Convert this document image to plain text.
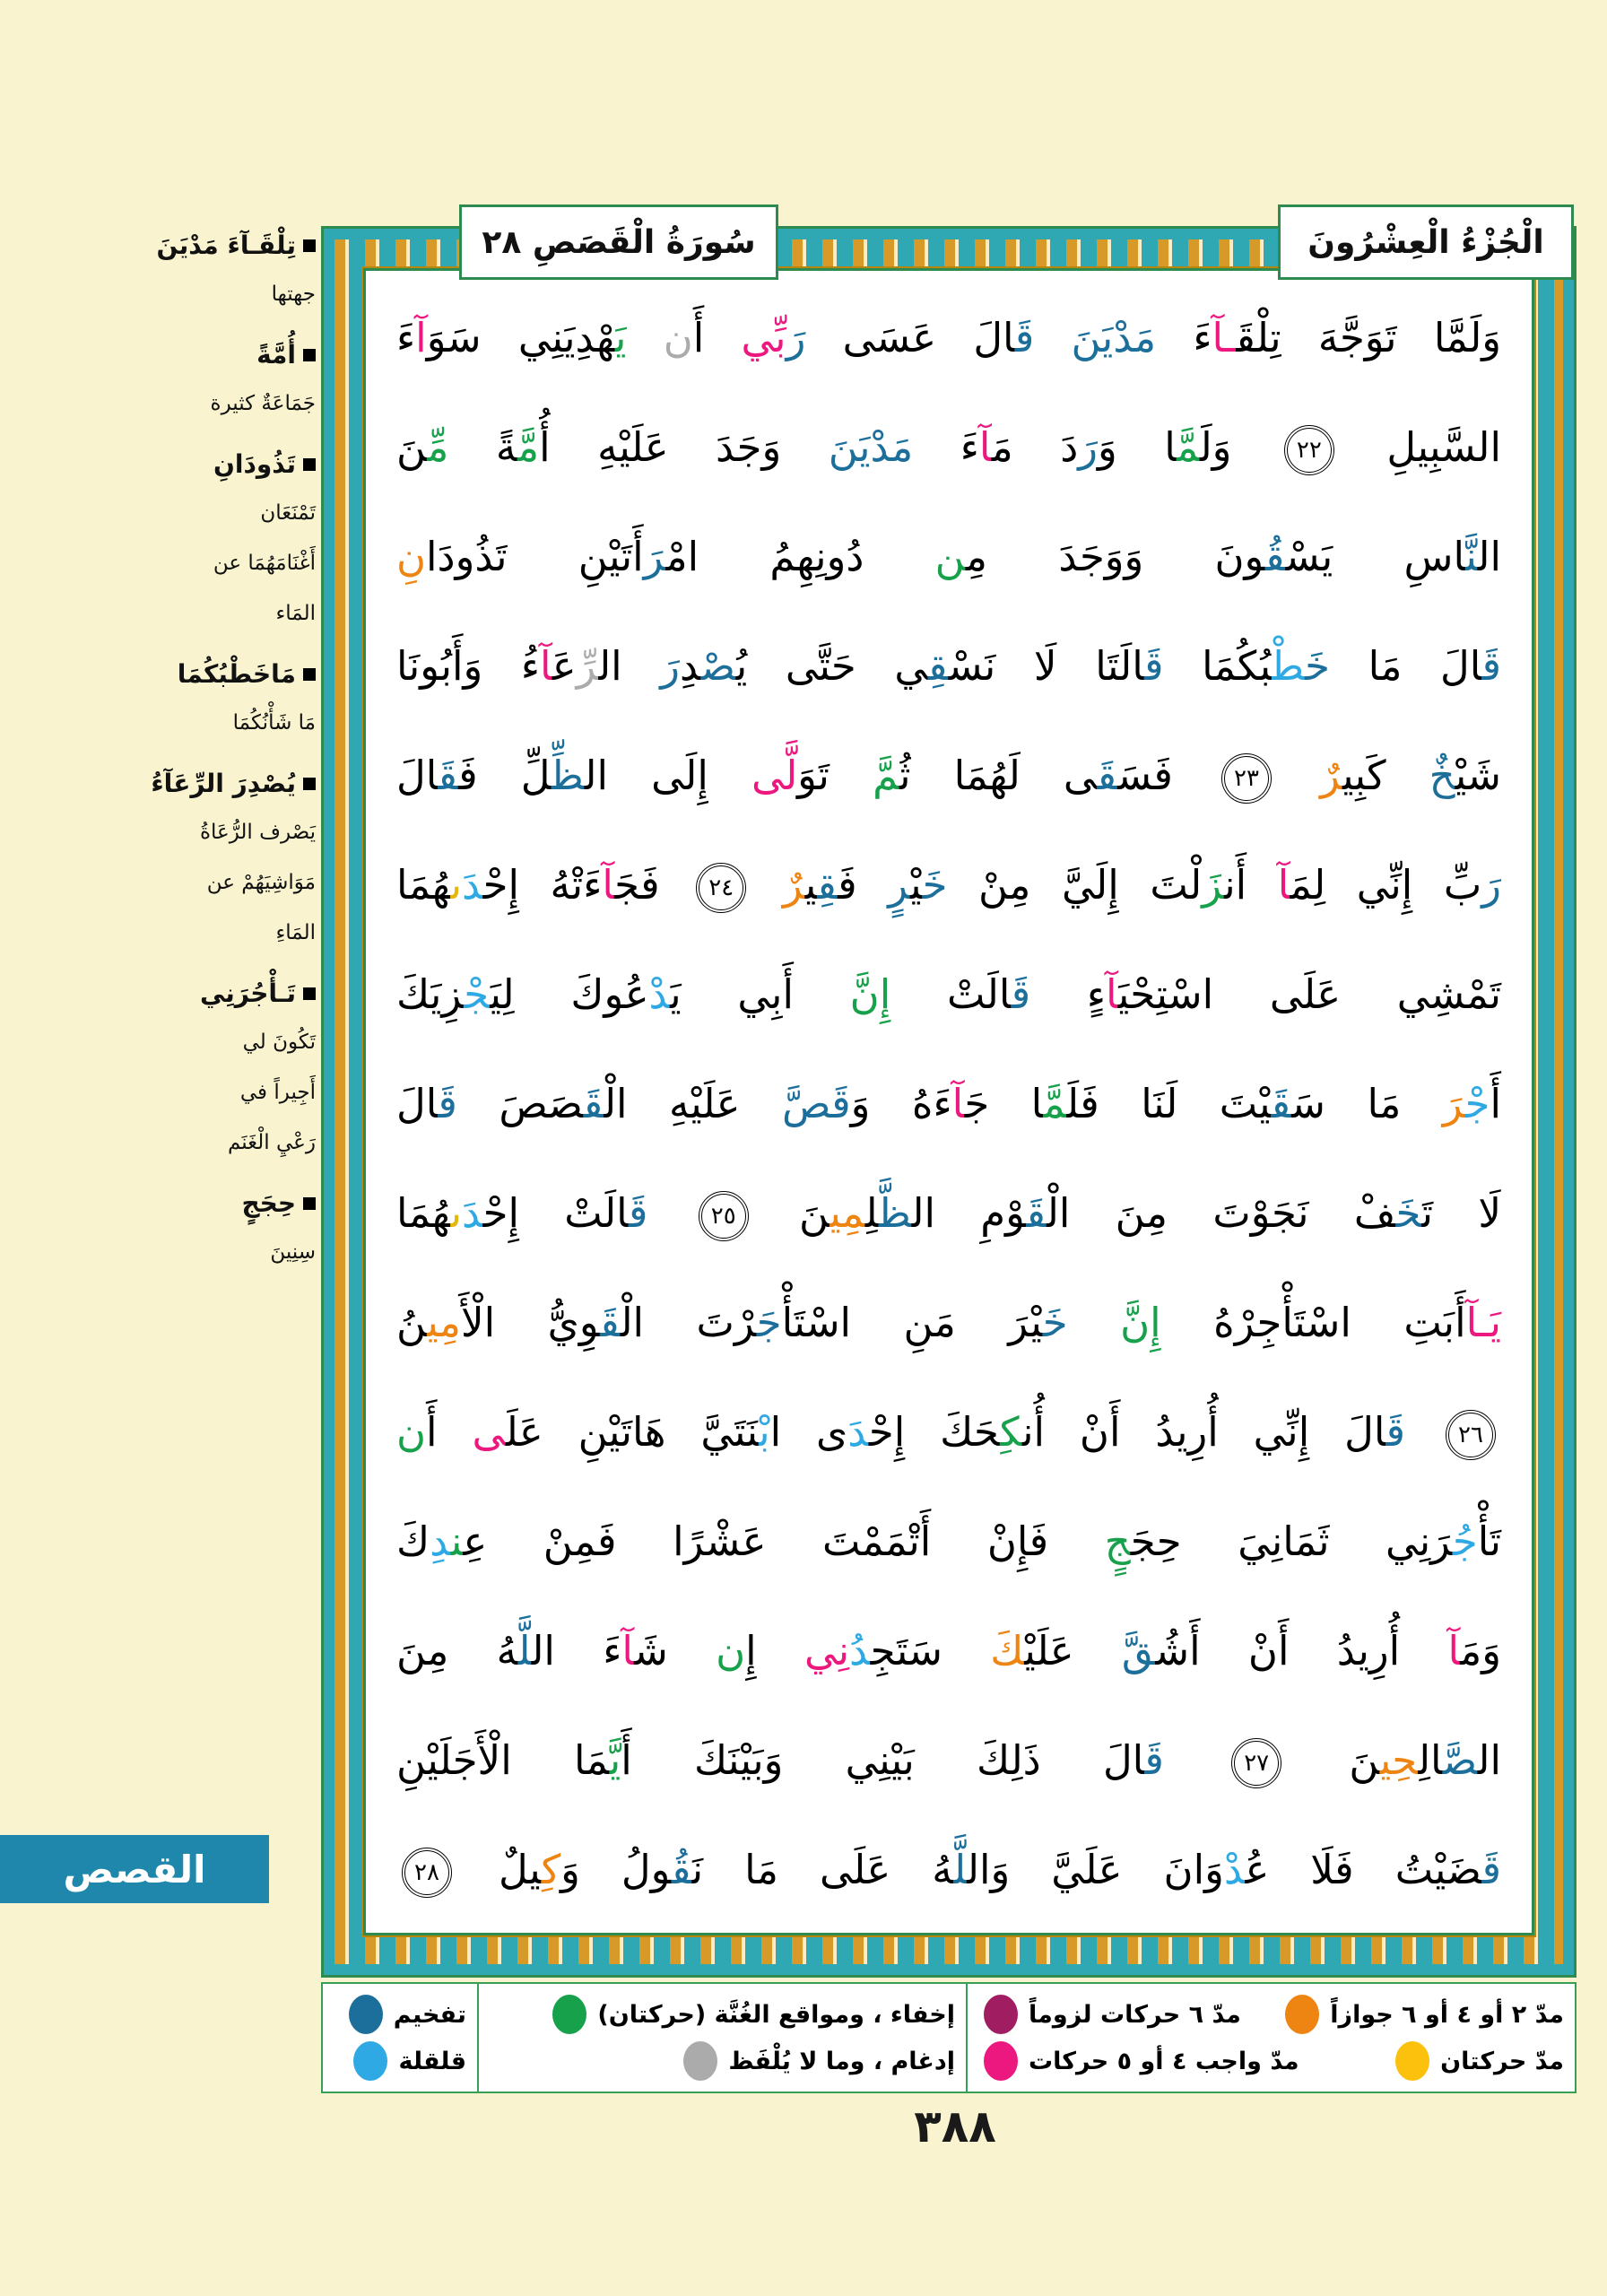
سُورَةُ الْقَصَصِ ٢٨	الْجُزْءُ الْعِشْرُونَ
تِلْقَـآءَ مَدْيَنَ
جهتها
أُمَّةً
جَمَاعَةٌ كثيرة
تَذُودَانِ
تَمْنَعَان
أَغْنَامَهُمَا عن
المَاء
مَاخَطْبُكُمَا
مَا شَأْنُكُمَا
يُصْدِرَ الرِّعَآءُ
يَصْرف الرُّعَاةُ
مَوَاشِيَهُمْ عن
المَاءِ
تَـأْجُرَنِي
تَكُونَ لي
أَجِيراً في
رَعْيِ الْغَنَم
حِجَجٍ
سِنِينَ
وَلَمَّا تَوَجَّهَ تِلْقَـآءَ مَدْيَنَ قَالَ عَسَى رَبِّي أَن يَهْدِيَنِي سَوَآءَ
السَّبِيلِ ٢٢ وَلَمَّا وَرَدَ مَآءَ مَدْيَنَ وَجَدَ عَلَيْهِ أُمَّةً مِّنَ
النَّاسِ يَسْقُونَ وَوَجَدَ مِن دُونِهِمُ امْرَأَتَيْنِ تَذُودَانِ
قَالَ مَا خَطْبُكُمَا قَالَتَا لَا نَسْقِي حَتَّى يُصْدِرَ الرِّعَآءُ وَأَبُونَا
شَيْخٌ كَبِيرٌ ٢٣ فَسَقَى لَهُمَا ثُمَّ تَوَلَّى إِلَى الظِّلِّ فَقَالَ
رَبِّ إِنِّي لِمَآ أَنزَلْتَ إِلَيَّ مِنْ خَيْرٍ فَقِيرٌ ٢٤ فَجَآءَتْهُ إِحْدَىهُمَا
تَمْشِي عَلَى اسْتِحْيَآءٍ قَالَتْ إِنَّ أَبِي يَدْعُوكَ لِيَجْزِيَكَ
أَجْرَ مَا سَقَيْتَ لَنَا فَلَمَّا جَآءَهُ وَقَصَّ عَلَيْهِ الْقَصَصَ قَالَ
لَا تَخَفْ نَجَوْتَ مِنَ الْقَوْمِ الظَّلِمِينَ ٢٥ قَالَتْ إِحْدَىهُمَا
يَـآأَبَتِ اسْتَأْجِرْهُ إِنَّ خَيْرَ مَنِ اسْتَأْجَرْتَ الْقَوِيُّ الْأَمِينُ
٢٦ قَالَ إِنِّي أُرِيدُ أَنْ أُنكِحَكَ إِحْدَى ابْنَتَيَّ هَاتَيْنِ عَلَى أَن
تَأْجُرَنِي ثَمَانِيَ حِجَجٍ فَإِنْ أَتْمَمْتَ عَشْرًا فَمِنْ عِندِكَ
وَمَآ أُرِيدُ أَنْ أَشُقَّ عَلَيْكَ سَتَجِدُنِي إِن شَآءَ اللَّهُ مِنَ
الصَّالِحِينَ ٢٧ قَالَ ذَلِكَ بَيْنِي وَبَيْنَكَ أَيَّمَا الْأَجَلَيْنِ
قَضَيْتُ فَلَا عُدْوَانَ عَلَيَّ وَاللَّهُ عَلَى مَا نَقُولُ وَكِيلٌ ٢٨
تفخيم
قلقلة
إخفاء ، ومواقع الغُنَّة (حركتان)
إدغام ، وما لا يُلْفَظ
مدّ ٢ أو ٤ أو ٦ جوازاً
مدّ ٦ حركات لزوماً
مدّ حركتان
مدّ واجب ٤ أو ٥ حركات
القصص
٣٨٨
